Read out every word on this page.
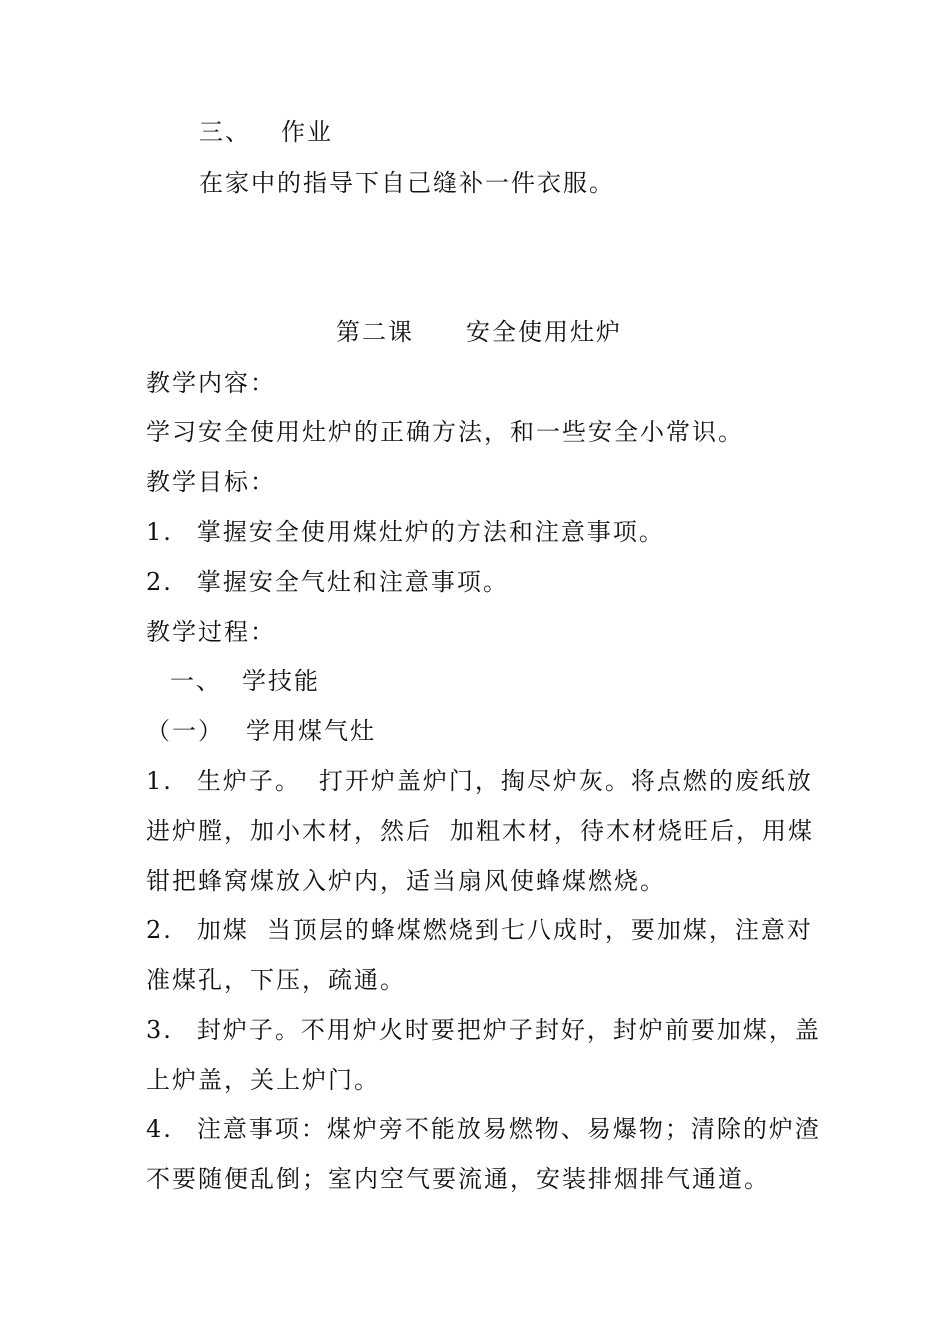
三、 作业
在家中的指导下自己缝补一件衣服。
第二课 安全使用灶炉
教学内容：
学习安全使用灶炉的正确方法，和一些安全小常识。
教学目标：
1. 掌握安全使用煤灶炉的方法和注意事项。
2. 掌握安全气灶和注意事项。
教学过程：
一、 学技能
（一） 学用煤气灶
1. 生炉子。 打开炉盖炉门，掏尽炉灰。将点燃的废纸放
进炉膛，加小木材，然后 加粗木材，待木材烧旺后，用煤
钳把蜂窝煤放入炉内，适当扇风使蜂煤燃烧。
2. 加煤 当顶层的蜂煤燃烧到七八成时，要加煤，注意对
准煤孔，下压，疏通。
3. 封炉子。不用炉火时要把炉子封好，封炉前要加煤，盖
上炉盖，关上炉门。
4. 注意事项：煤炉旁不能放易燃物、易爆物；清除的炉渣
不要随便乱倒；室内空气要流通，安装排烟排气通道。
